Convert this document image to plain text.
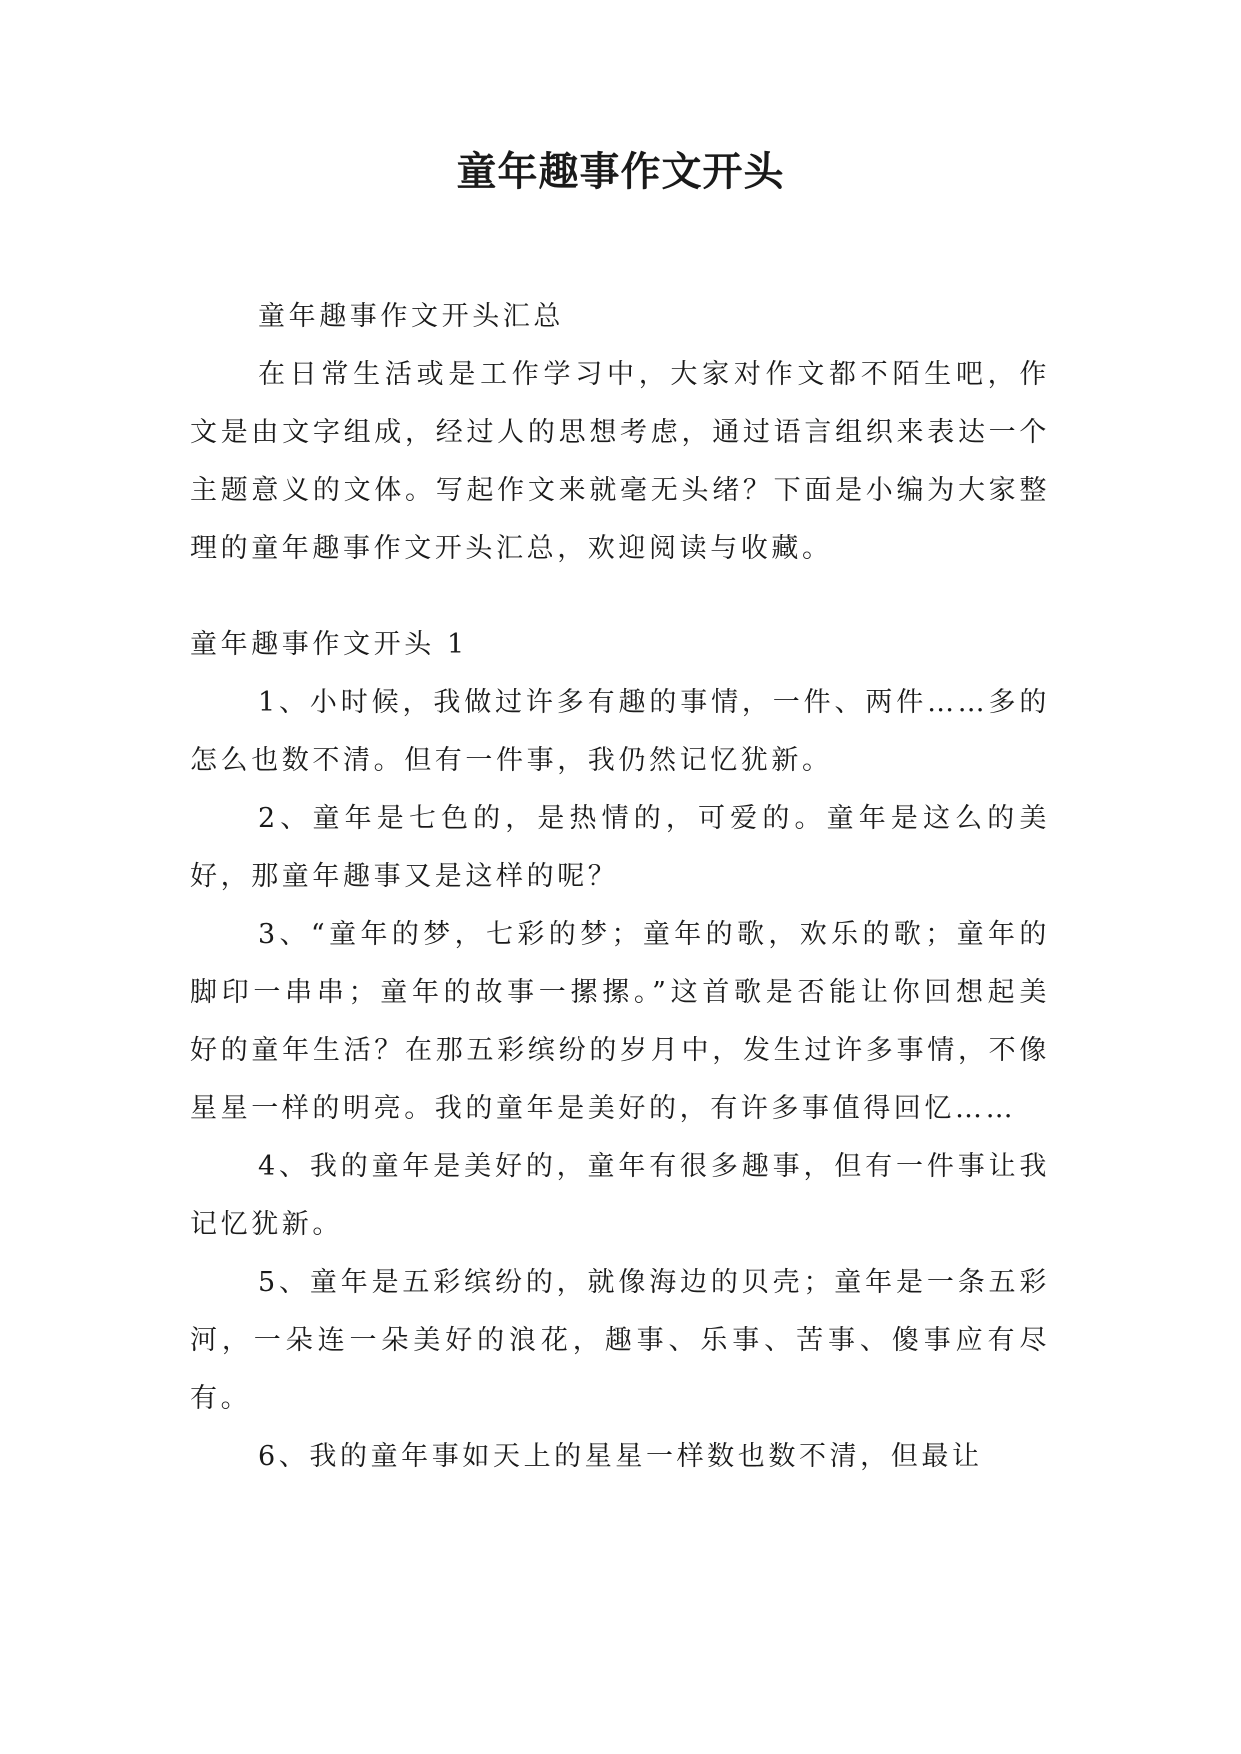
童年趣事作文开头

童年趣事作文开头汇总

在日常生活或是工作学习中，大家对作文都不陌生吧，作文是由文字组成，经过人的思想考虑，通过语言组织来表达一个主题意义的文体。写起作文来就毫无头绪？下面是小编为大家整理的童年趣事作文开头汇总，欢迎阅读与收藏。

童年趣事作文开头 1

1、小时候，我做过许多有趣的事情，一件、两件……多的怎么也数不清。但有一件事，我仍然记忆犹新。

2、童年是七色的，是热情的，可爱的。童年是这么的美好，那童年趣事又是这样的呢？

3、“童年的梦，七彩的梦；童年的歌，欢乐的歌；童年的脚印一串串；童年的故事一摞摞。”这首歌是否能让你回想起美好的童年生活？在那五彩缤纷的岁月中，发生过许多事情，不像星星一样的明亮。我的童年是美好的，有许多事值得回忆……

4、我的童年是美好的，童年有很多趣事，但有一件事让我记忆犹新。

5、童年是五彩缤纷的，就像海边的贝壳；童年是一条五彩河，一朵连一朵美好的浪花，趣事、乐事、苦事、傻事应有尽有。

6、我的童年事如天上的星星一样数也数不清，但最让
